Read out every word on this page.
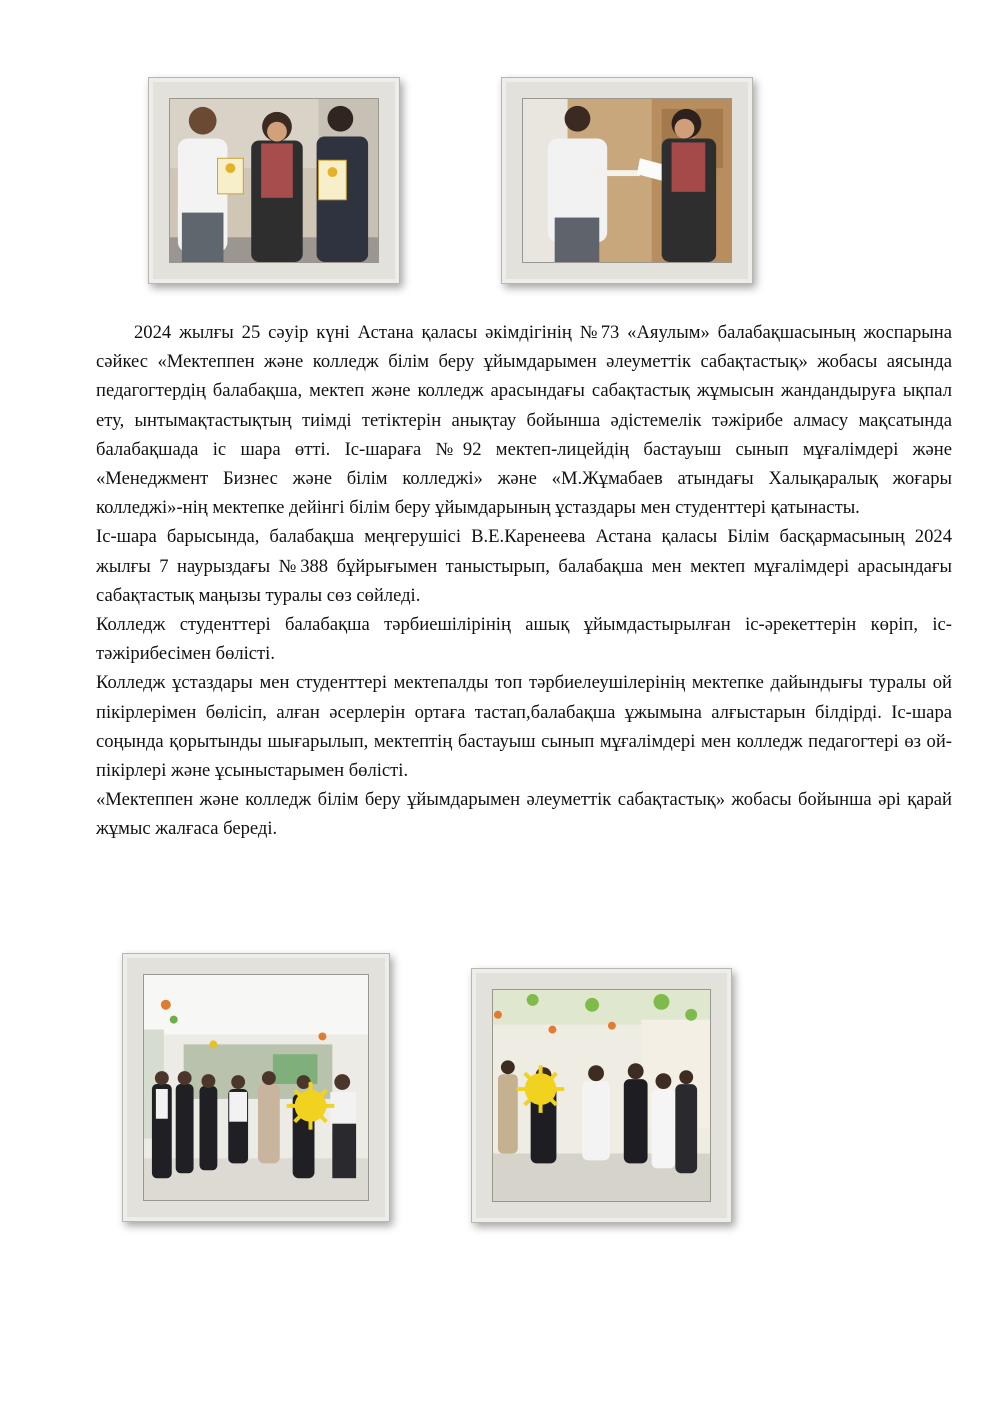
2024 жылғы 25 сәуір күні Астана қаласы әкімдігінің №73 «Аяулым» балабақшасының жоспарына сәйкес «Мектеппен және колледж білім беру ұйымдарымен әлеуметтік сабақтастық» жобасы аясында педагогтердің балабақша, мектеп және колледж арасындағы сабақтастық жұмысын жандандыруға ықпал ету, ынтымақтастықтың тиімді тетіктерін анықтау бойынша әдістемелік тәжірибе алмасу мақсатында балабақшада іс шара өтті. Іс-шараға №92 мектеп-лицейдің бастауыш сынып мұғалімдері және «Менеджмент Бизнес және білім колледжі» және «М.Жұмабаев атындағы Халықаралық жоғары колледжі»-нің мектепке дейінгі білім беру ұйымдарының ұстаздары мен студенттері қатынасты.

Іс-шара барысында, балабақша меңгерушісі В.Е.Каренеева Астана қаласы Білім басқармасының 2024 жылғы 7 наурыздағы №388 бұйрығымен таныстырып, балабақша мен мектеп мұғалімдері арасындағы сабақтастық маңызы туралы сөз сөйледі.

Колледж студенттері балабақша тәрбиешілірінің ашық ұйымдастырылған іс-әрекеттерін көріп, іс-тәжірибесімен бөлісті.

Колледж ұстаздары мен студенттері мектепалды топ тәрбиелеушілерінің мектепке дайындығы туралы ой пікірлерімен бөлісіп, алған әсерлерін ортаға тастап,балабақша ұжымына алғыстарын білдірді. Іс-шара соңында қорытынды шығарылып, мектептің бастауыш сынып мұғалімдері мен колледж педагогтері өз ой-пікірлері және ұсыныстарымен бөлісті.

«Мектеппен және колледж білім беру ұйымдарымен әлеуметтік сабақтастық» жобасы бойынша әрі қарай жұмыс жалғаса береді.
